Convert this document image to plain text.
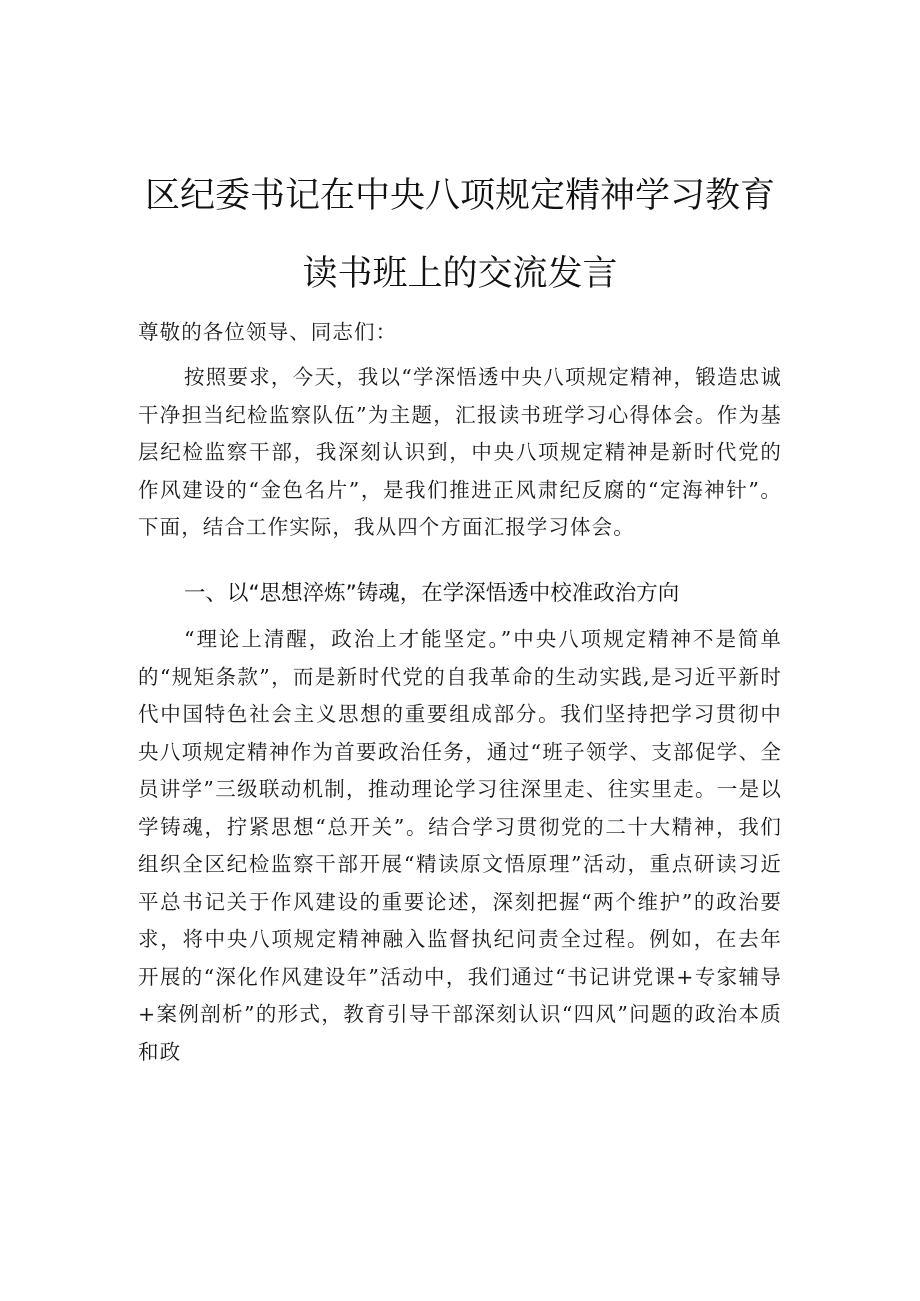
区纪委书记在中央八项规定精神学习教育
读书班上的交流发言
尊敬的各位领导、同志们：
按照要求，今天，我以“学深悟透中央八项规定精神，锻造忠诚干净担当纪检监察队伍”为主题，汇报读书班学习心得体会。作为基层纪检监察干部，我深刻认识到，中央八项规定精神是新时代党的作风建设的“金色名片”，是我们推进正风肃纪反腐的“定海神针”。下面，结合工作实际，我从四个方面汇报学习体会。
一、以“思想淬炼”铸魂，在学深悟透中校准政治方向
“理论上清醒，政治上才能坚定。”中央八项规定精神不是简单的“规矩条款”，而是新时代党的自我革命的生动实践,是习近平新时代中国特色社会主义思想的重要组成部分。我们坚持把学习贯彻中央八项规定精神作为首要政治任务，通过“班子领学、支部促学、全员讲学”三级联动机制，推动理论学习往深里走、往实里走。一是以学铸魂，拧紧思想“总开关”。结合学习贯彻党的二十大精神，我们组织全区纪检监察干部开展“精读原文悟原理”活动，重点研读习近平总书记关于作风建设的重要论述，深刻把握“两个维护”的政治要求，将中央八项规定精神融入监督执纪问责全过程。例如，在去年开展的“深化作风建设年”活动中，我们通过“书记讲党课+专家辅导+案例剖析”的形式，教育引导干部深刻认识“四风”问题的政治本质和政
